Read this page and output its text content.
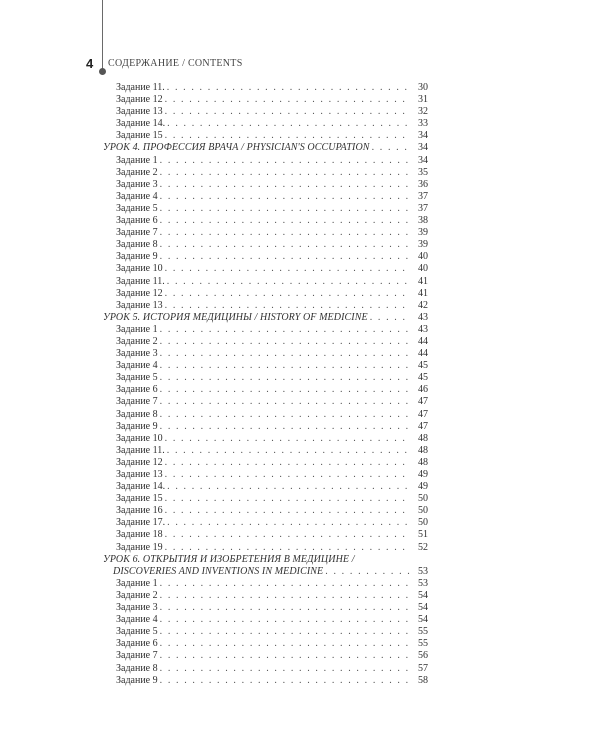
4 СОДЕРЖАНИЕ / CONTENTS
Задание 11. . . .	30
Задание 12 . . .	31
Задание 13 . . .	32
Задание 14. . . .	33
Задание 15 . . .	34
УРОК 4. ПРОФЕССИЯ ВРАЧА / PHYSICIAN'S OCCUPATION . . .	34
Задание 1 . . .	34
Задание 2 . . .	35
Задание 3 . . .	36
Задание 4 . . .	37
Задание 5 . . .	37
Задание 6 . . .	38
Задание 7 . . .	39
Задание 8 . . .	39
Задание 9 . . .	40
Задание 10 . . .	40
Задание 11. . . .	41
Задание 12 . . .	41
Задание 13 . . .	42
УРОК 5. ИСТОРИЯ МЕДИЦИНЫ / HISTORY OF MEDICINE . . .	43
Задание 1 . . .	43
Задание 2 . . .	44
Задание 3 . . .	44
Задание 4 . . .	45
Задание 5 . . .	45
Задание 6 . . .	46
Задание 7 . . .	47
Задание 8 . . .	47
Задание 9 . . .	47
Задание 10 . . .	48
Задание 11. . . .	48
Задание 12 . . .	48
Задание 13 . . .	49
Задание 14. . . .	49
Задание 15 . . .	50
Задание 16 . . .	50
Задание 17. . . .	50
Задание 18 . . .	51
Задание 19 . . .	52
УРОК 6. ОТКРЫТИЯ И ИЗОБРЕТЕНИЯ В МЕДИЦИНЕ /
DISCOVERIES AND INVENTIONS IN MEDICINE . . .	53
Задание 1 . . .	53
Задание 2 . . .	54
Задание 3 . . .	54
Задание 4 . . .	54
Задание 5 . . .	55
Задание 6 . . .	55
Задание 7 . . .	56
Задание 8 . . .	57
Задание 9 . . .	58
